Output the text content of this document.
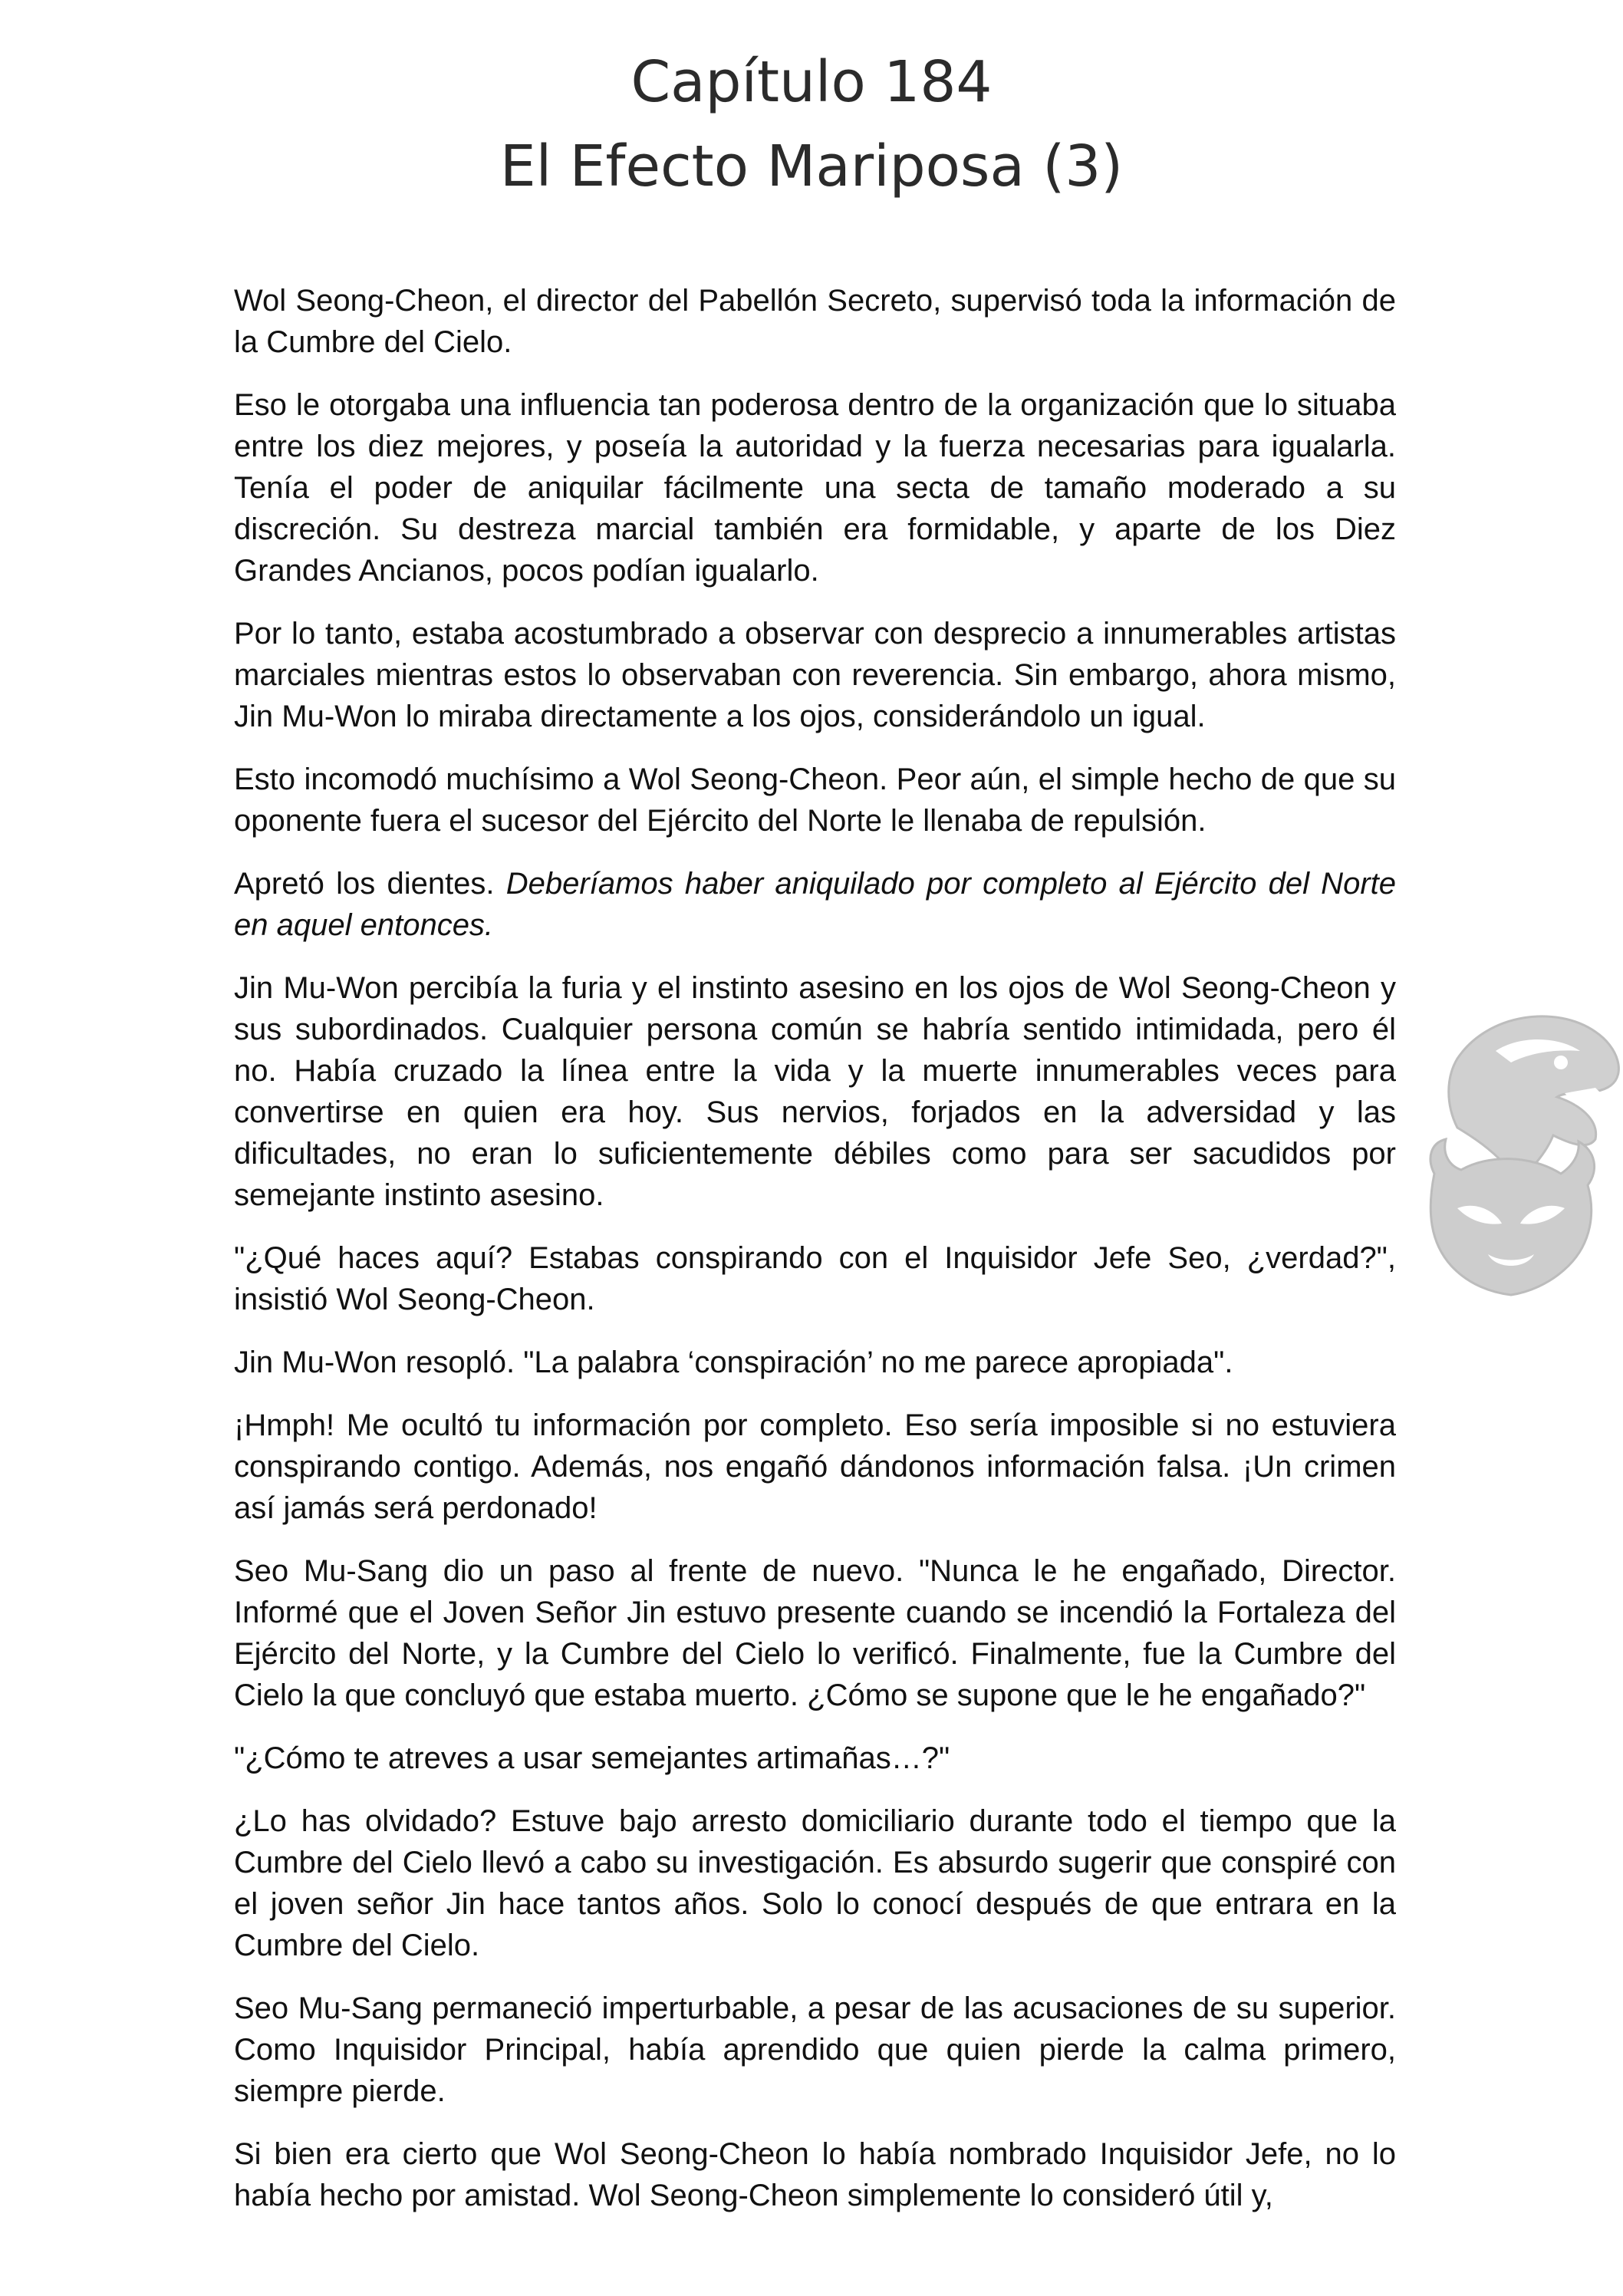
Capítulo 184
El Efecto Mariposa (3)

Wol Seong-Cheon, el director del Pabellón Secreto, supervisó toda la información de la Cumbre del Cielo.

Eso le otorgaba una influencia tan poderosa dentro de la organización que lo situaba entre los diez mejores, y poseía la autoridad y la fuerza necesarias para igualarla. Tenía el poder de aniquilar fácilmente una secta de tamaño moderado a su discreción. Su destreza marcial también era formidable, y aparte de los Diez Grandes Ancianos, pocos podían igualarlo.

Por lo tanto, estaba acostumbrado a observar con desprecio a innumerables artistas marciales mientras estos lo observaban con reverencia. Sin embargo, ahora mismo, Jin Mu-Won lo miraba directamente a los ojos, considerándolo un igual.

Esto incomodó muchísimo a Wol Seong-Cheon. Peor aún, el simple hecho de que su oponente fuera el sucesor del Ejército del Norte le llenaba de repulsión.

Apretó los dientes. Deberíamos haber aniquilado por completo al Ejército del Norte en aquel entonces.

Jin Mu-Won percibía la furia y el instinto asesino en los ojos de Wol Seong-Cheon y sus subordinados. Cualquier persona común se habría sentido intimidada, pero él no. Había cruzado la línea entre la vida y la muerte innumerables veces para convertirse en quien era hoy. Sus nervios, forjados en la adversidad y las dificultades, no eran lo suficientemente débiles como para ser sacudidos por semejante instinto asesino.

"¿Qué haces aquí? Estabas conspirando con el Inquisidor Jefe Seo, ¿verdad?", insistió Wol Seong-Cheon.

Jin Mu-Won resopló. "La palabra ‘conspiración’ no me parece apropiada".

¡Hmph! Me ocultó tu información por completo. Eso sería imposible si no estuviera conspirando contigo. Además, nos engañó dándonos información falsa. ¡Un crimen así jamás será perdonado!

Seo Mu-Sang dio un paso al frente de nuevo. "Nunca le he engañado, Director. Informé que el Joven Señor Jin estuvo presente cuando se incendió la Fortaleza del Ejército del Norte, y la Cumbre del Cielo lo verificó. Finalmente, fue la Cumbre del Cielo la que concluyó que estaba muerto. ¿Cómo se supone que le he engañado?"

"¿Cómo te atreves a usar semejantes artimañas…?"

¿Lo has olvidado? Estuve bajo arresto domiciliario durante todo el tiempo que la Cumbre del Cielo llevó a cabo su investigación. Es absurdo sugerir que conspiré con el joven señor Jin hace tantos años. Solo lo conocí después de que entrara en la Cumbre del Cielo.

Seo Mu-Sang permaneció imperturbable, a pesar de las acusaciones de su superior. Como Inquisidor Principal, había aprendido que quien pierde la calma primero, siempre pierde.

Si bien era cierto que Wol Seong-Cheon lo había nombrado Inquisidor Jefe, no lo había hecho por amistad. Wol Seong-Cheon simplemente lo consideró útil y,
